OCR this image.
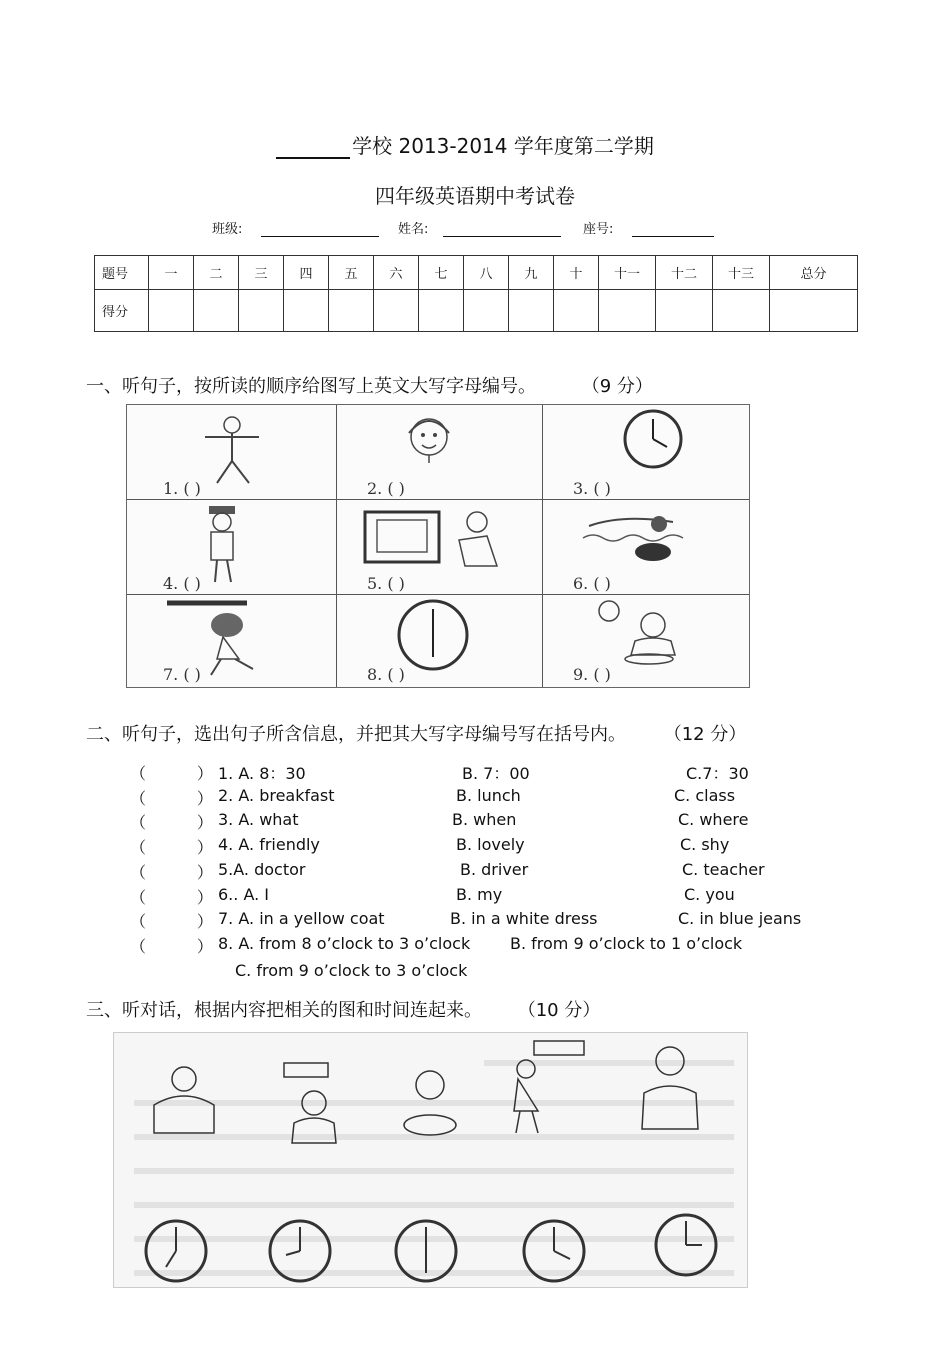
学校 2013-2014 学年度第二学期
四年级英语期中考试卷
班级:	姓名:	座号:
题号	一	二	三	四	五	六	七	八	九	十	十一	十二	十三	总分
得分														
一、听句子，按所读的顺序给图写上英文大写字母编号。	（9 分）
1. ( )	2. ( )	3. ( )
4. ( )	5. ( )	6. ( )
7. ( )	8. ( )	9. ( )
二、听句子，选出句子所含信息，并把其大写字母编号写在括号内。 （12 分）
（          ） 1. A. 8：30	B. 7：00	C.7：30
（          ） 2. A. breakfast	B. lunch	C. class
（          ） 3. A. what	B. when	C. where
（          ） 4. A. friendly	B. lovely	C. shy
（          ） 5.A. doctor	B. driver	C. teacher
（          ） 6.. A. I	B. my	C. you
（          ） 7. A. in a yellow coat	B. in a white dress	C. in blue jeans
（          ） 8. A. from 8 o’clock to 3 o’clock B. from 9 o’clock to 1 o’clock
C. from 9 o’clock to 3 o’clock
三、听对话，根据内容把相关的图和时间连起来。 （10 分）
